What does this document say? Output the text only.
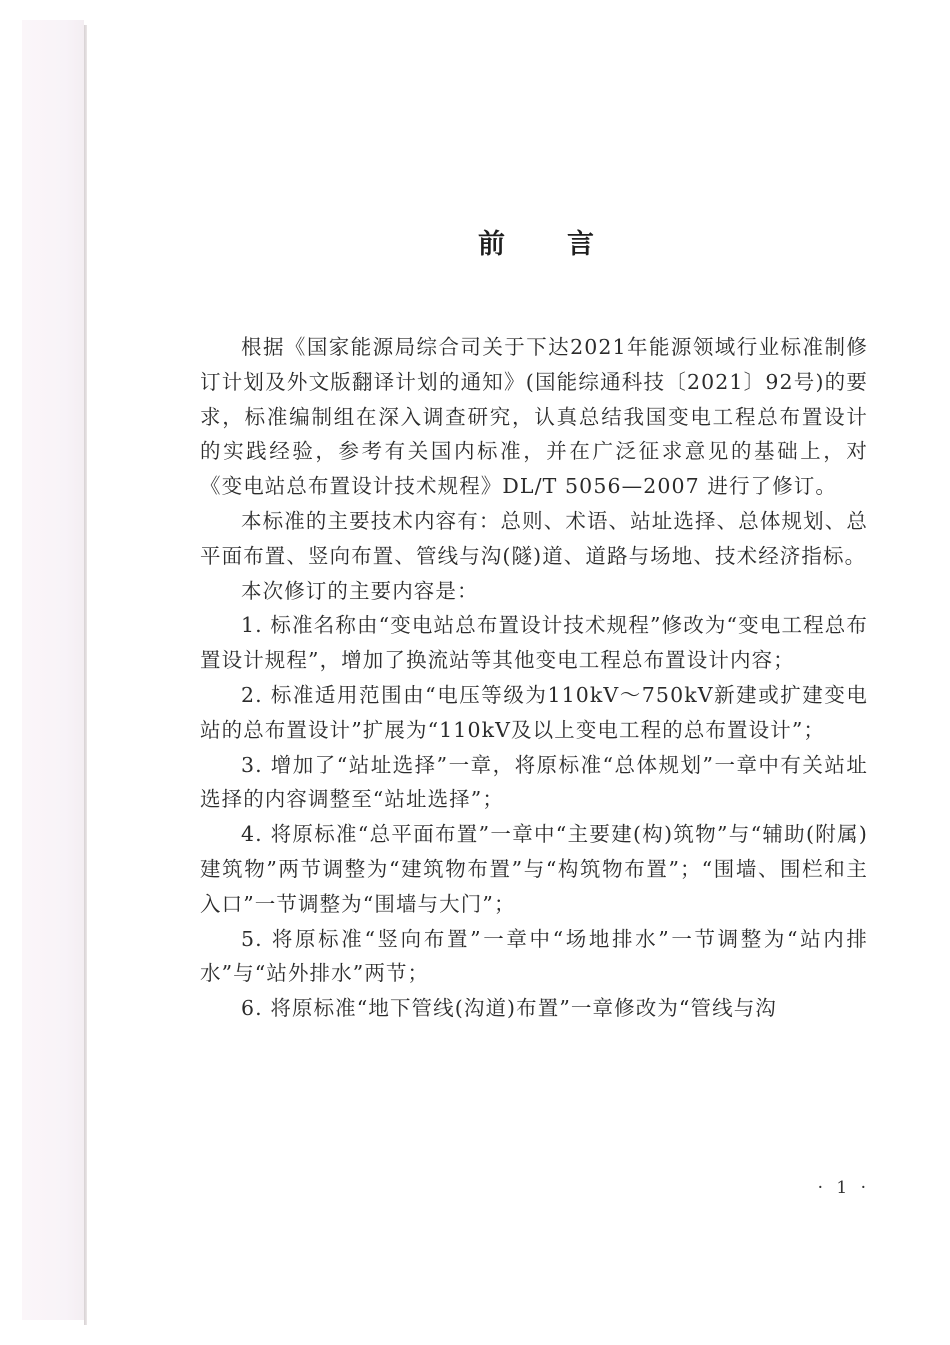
前言

根据《国家能源局综合司关于下达2021年能源领域行业标准制修订计划及外文版翻译计划的通知》(国能综通科技〔2021〕92号)的要求，标准编制组在深入调查研究，认真总结我国变电工程总布置设计的实践经验，参考有关国内标准，并在广泛征求意见的基础上，对《变电站总布置设计技术规程》DL/T 5056—2007 进行了修订。

本标准的主要技术内容有：总则、术语、站址选择、总体规划、总平面布置、竖向布置、管线与沟(隧)道、道路与场地、技术经济指标。

本次修订的主要内容是：

1. 标准名称由“变电站总布置设计技术规程”修改为“变电工程总布置设计规程”，增加了换流站等其他变电工程总布置设计内容；

2. 标准适用范围由“电压等级为110kV～750kV新建或扩建变电站的总布置设计”扩展为“110kV及以上变电工程的总布置设计”；

3. 增加了“站址选择”一章，将原标准“总体规划”一章中有关站址选择的内容调整至“站址选择”；

4. 将原标准“总平面布置”一章中“主要建(构)筑物”与“辅助(附属)建筑物”两节调整为“建筑物布置”与“构筑物布置”；“围墙、围栏和主入口”一节调整为“围墙与大门”；

5. 将原标准“竖向布置”一章中“场地排水”一节调整为“站内排水”与“站外排水”两节；

6. 将原标准“地下管线(沟道)布置”一章修改为“管线与沟

· 1 ·
